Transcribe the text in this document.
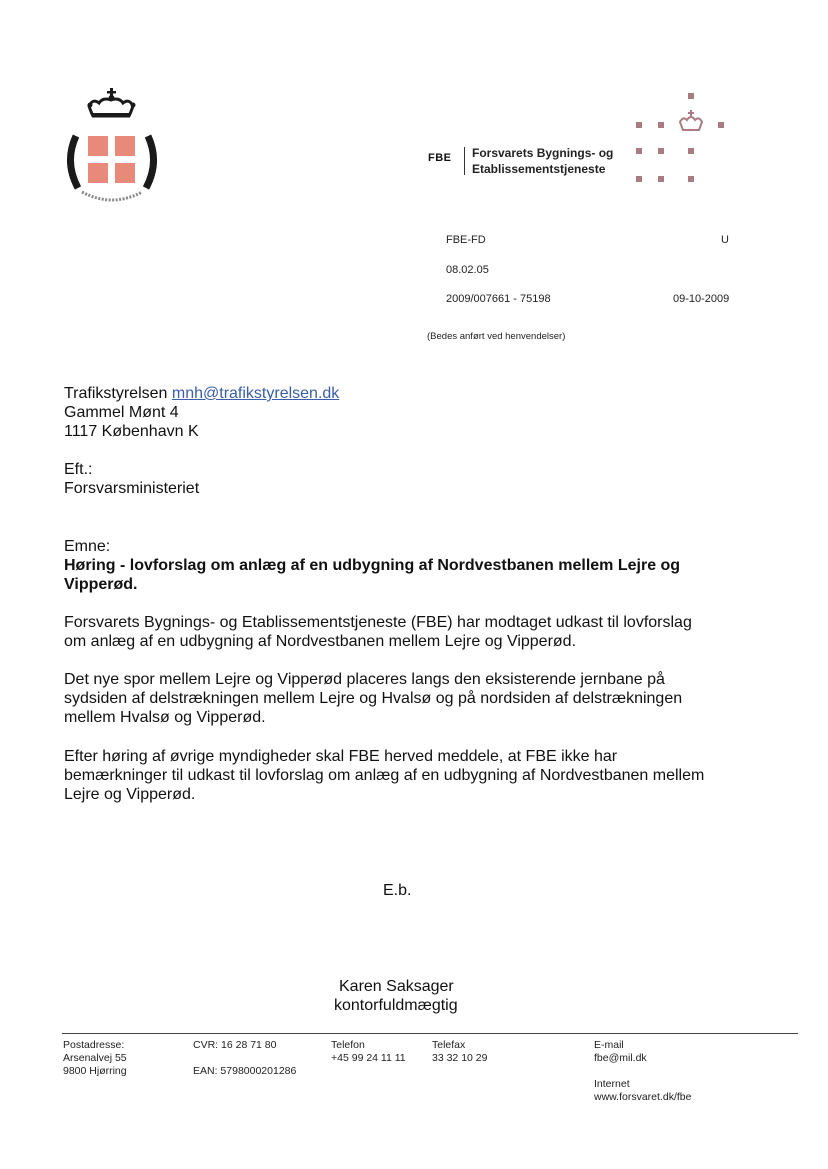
FBE Forsvarets Bygnings- og
Etablissementstjeneste
FBE-FD	U
08.02.05
2009/007661 - 75198	09-10-2009
(Bedes anført ved henvendelser)
Trafikstyrelsen mnh@trafikstyrelsen.dk
Gammel Mønt 4
1117 København K
Eft.:
Forsvarsministeriet
Emne:
Høring - lovforslag om anlæg af en udbygning af Nordvestbanen mellem Lejre og
Vipperød.
Forsvarets Bygnings- og Etablissementstjeneste (FBE) har modtaget udkast til lovforslag
om anlæg af en udbygning af Nordvestbanen mellem Lejre og Vipperød.
Det nye spor mellem Lejre og Vipperød placeres langs den eksisterende jernbane på
sydsiden af delstrækningen mellem Lejre og Hvalsø og på nordsiden af delstrækningen
mellem Hvalsø og Vipperød.
Efter høring af øvrige myndigheder skal FBE herved meddele, at FBE ikke har
bemærkninger til udkast til lovforslag om anlæg af en udbygning af Nordvestbanen mellem
Lejre og Vipperød.
E.b.
Karen Saksager
kontorfuldmægtig
Postadresse:
Arsenalvej 55
9800 Hjørring
CVR: 16 28 71 80
EAN: 5798000201286
Telefon
+45 99 24 11 11
Telefax
33 32 10 29
E-mail
fbe@mil.dk
Internet
www.forsvaret.dk/fbe
